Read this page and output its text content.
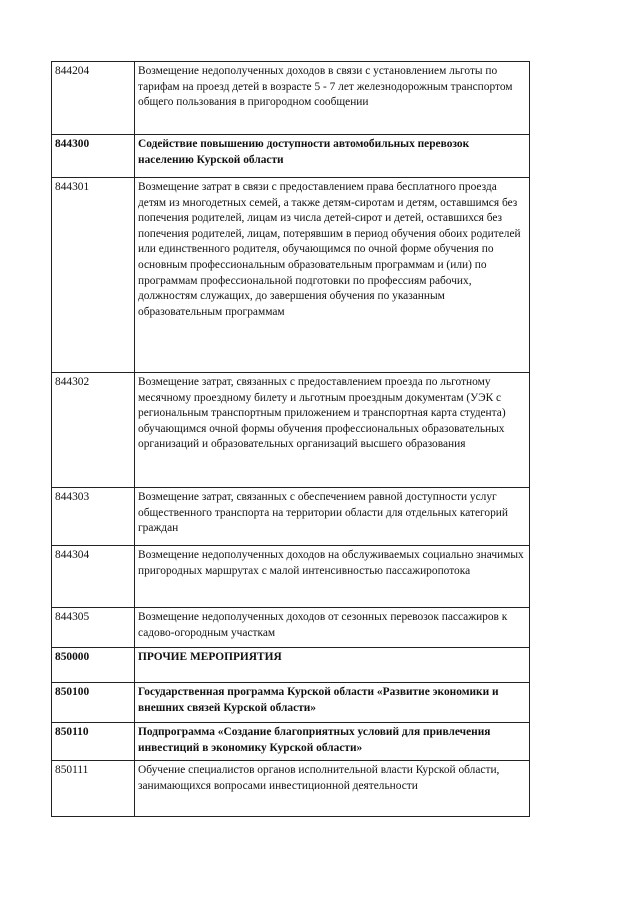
844204	Возмещение недополученных доходов в связи с установлением льготы по тарифам на проезд детей в возрасте 5 - 7 лет железнодорожным транспортом общего пользования в пригородном сообщении
844300	Содействие повышению доступности автомобильных перевозок населению Курской области
844301	Возмещение затрат в связи с предоставлением права бесплатного проезда детям из многодетных семей, а также детям-сиротам и детям, оставшимся без попечения родителей, лицам из числа детей-сирот и детей, оставшихся без попечения родителей, лицам, потерявшим в период обучения обоих родителей или единственного родителя, обучающимся по очной форме обучения по основным профессиональным образовательным программам и (или) по программам профессиональной подготовки по профессиям рабочих, должностям служащих, до завершения обучения по указанным образовательным программам
844302	Возмещение затрат, связанных с предоставлением проезда по льготному месячному проездному билету и льготным проездным документам (УЭК с региональным транспортным приложением и транспортная карта студента) обучающимся очной формы обучения профессиональных образовательных организаций и образовательных организаций высшего образования
844303	Возмещение затрат, связанных с обеспечением равной доступности услуг общественного транспорта на территории области для отдельных категорий граждан
844304	Возмещение недополученных доходов на обслуживаемых социально значимых пригородных маршрутах с малой интенсивностью пассажиропотока
844305	Возмещение недополученных доходов от сезонных перевозок пассажиров к садово-огородным участкам
850000	ПРОЧИЕ МЕРОПРИЯТИЯ
850100	Государственная программа Курской области «Развитие экономики и внешних связей Курской области»
850110	Подпрограмма «Создание благоприятных условий для привлечения инвестиций в экономику Курской области»
850111	Обучение специалистов органов исполнительной власти Курской области, занимающихся вопросами инвестиционной деятельности
